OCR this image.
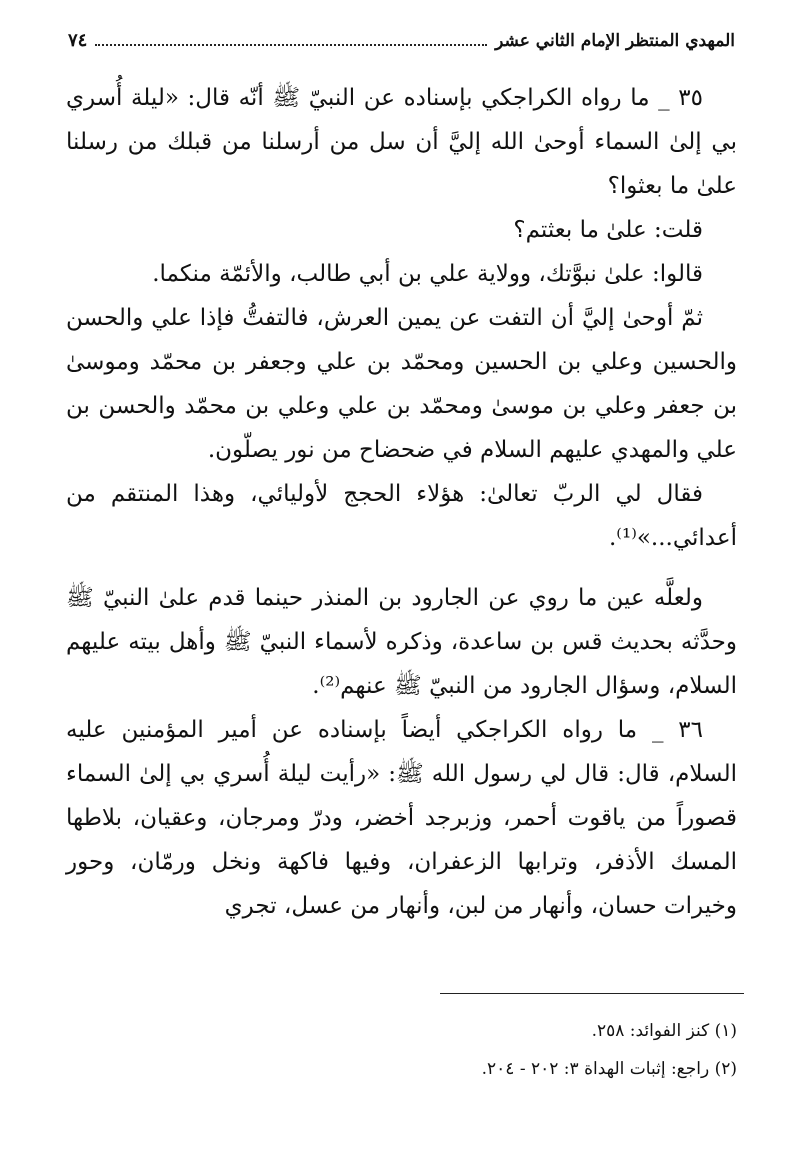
المهدي المنتظر الإمام الثاني عشر
٧٤

٣٥ _ ما رواه الكراجكي بإسناده عن النبيّ ﷺ أنّه قال: «ليلة أُسري بي إلىٰ السماء أوحىٰ الله إليَّ أن سل من أرسلنا من قبلك من رسلنا علىٰ ما بعثوا؟

قلت: علىٰ ما بعثتم؟

قالوا: علىٰ نبوَّتك، وولاية علي بن أبي طالب، والأئمّة منكما.

ثمّ أوحىٰ إليَّ أن التفت عن يمين العرش، فالتفتُّ فإذا علي والحسن والحسين وعلي بن الحسين ومحمّد بن علي وجعفر بن محمّد وموسىٰ بن جعفر وعلي بن موسىٰ ومحمّد بن علي وعلي بن محمّد والحسن بن علي والمهدي عليهم السلام في ضحضاح من نور يصلّون.

فقال لي الربّ تعالىٰ: هؤلاء الحجج لأوليائي، وهذا المنتقم من أعدائي...»⁽¹⁾.

ولعلَّه عين ما روي عن الجارود بن المنذر حينما قدم علىٰ النبيّ ﷺ وحدَّثه بحديث قس بن ساعدة، وذكره لأسماء النبيّ ﷺ وأهل بيته عليهم السلام، وسؤال الجارود من النبيّ ﷺ عنهم⁽²⁾.

٣٦ _ ما رواه الكراجكي أيضاً بإسناده عن أمير المؤمنين عليه السلام، قال: قال لي رسول الله ﷺ: «رأيت ليلة أُسري بي إلىٰ السماء قصوراً من ياقوت أحمر، وزبرجد أخضر، ودرّ ومرجان، وعقيان، بلاطها المسك الأذفر، وترابها الزعفران، وفيها فاكهة ونخل ورمّان، وحور وخيرات حسان، وأنهار من لبن، وأنهار من عسل، تجري

(١) كنز الفوائد: ٢٥٨.

(٢) راجع: إثبات الهداة ٣: ٢٠٢ - ٢٠٤.
